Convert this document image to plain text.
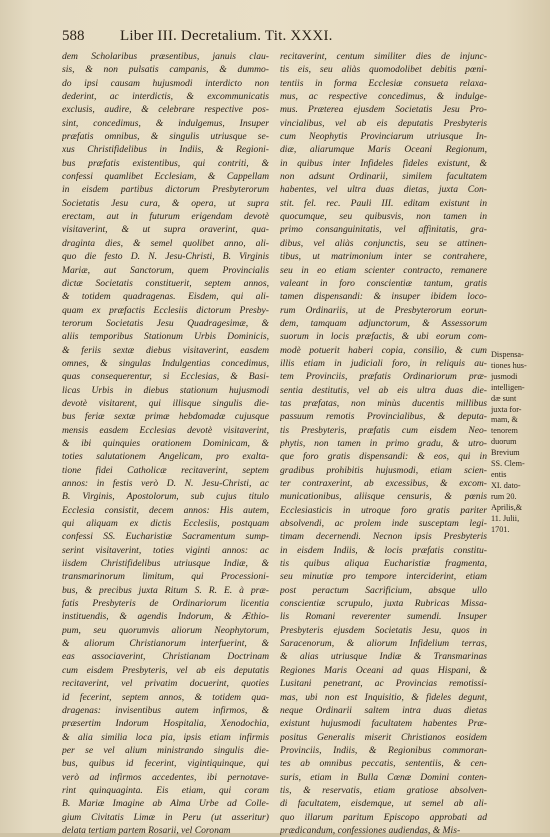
588 Liber III. Decretalium. Tit. XXXI.
dem Scholaribus præsentibus, januis clau-
sis, & non pulsatis campanis, & dummo-
do ipsi causam hujusmodi interdicto non
dederint, ac interdictis, & excommunicatis
exclusis, audire, & celebrare respective pos-
sint, concedimus, & indulgemus, Insuper
præfatis omnibus, & singulis utriusque se-
xus Christifidelibus in Indiis, & Regioni-
bus præfatis existentibus, qui contriti, &
confessi quamlibet Ecclesiam, & Cappellam
in eisdem partibus dictorum Presbyterorum
Societatis Jesu cura, & opera, ut supra
erectam, aut in futurum erigendam devotè
visitaverint, & ut supra oraverint, qua-
draginta dies, & semel quolibet anno, ali-
quo die festo D. N. Jesu-Christi, B. Virginis
Mariæ, aut Sanctorum, quem Provincialis
dictæ Societatis constituerit, septem annos,
& totidem quadragenas. Eisdem, qui ali-
quam ex præfactis Ecclesiis dictorum Presby-
terorum Societatis Jesu Quadragesimæ, &
aliis temporibus Stationum Urbis Dominicis,
& feriis sextæ diebus visitaverint, easdem
omnes, & singulas Indulgentias concedimus,
quas consequerentur, si Ecclesias, & Basi-
licas Urbis in diebus stationum hujusmodi
devotè visitarent, qui illisque singulis die-
bus feriæ sextæ primæ hebdomadæ cujusque
mensis easdem Ecclesias devotè visitaverint,
& ibi quinquies orationem Dominicam, &
toties salutationem Angelicam, pro exalta-
tione fidei Catholicæ recitaverint, septem
annos: in festis verò D. N. Jesu-Christi, ac
B. Virginis, Apostolorum, sub cujus titulo
Ecclesia consistit, decem annos: His autem,
qui aliquam ex dictis Ecclesiis, postquam
confessi SS. Eucharistiæ Sacramentum sump-
serint visitaverint, toties viginti annos: ac
iisdem Christifidelibus utriusque Indiæ, &
transmarinorum limitum, qui Processioni-
bus, & precibus juxta Ritum S. R. E. à præ-
fatis Presbyteris de Ordinariorum licentia
instituendis, & agendis Indorum, & Æthio-
pum, seu quorumvis aliorum Neophytorum,
& aliorum Christianorum interfuerint, &
eas associaverint, Christianam Doctrinam
cum eisdem Presbyteris, vel ab eis deputatis
recitaverint, vel privatim docuerint, quoties
id fecerint, septem annos, & totidem qua-
dragenas: invisentibus autem infirmos, &
præsertim Indorum Hospitalia, Xenodochia,
& alia similia loca pia, ipsis etiam infirmis
per se vel alium ministrando singulis die-
bus, quibus id fecerint, vigintiquinque, qui
verò ad infirmos accedentes, ibi pernotave-
rint quinquaginta. Eis etiam, qui coram
B. Mariæ Imagine ab Alma Urbe ad Colle-
gium Civitatis Limæ in Peru (ut asseritur)
delata tertiam partem Rosarii, vel Coronam
recitaverint, centum similiter dies de injunc-
tis eis, seu aliàs quomodolibet debitis pœni-
tentiis in forma Ecclesiæ consueta relaxa-
mus, ac respective concedimus, & indulge-
mus. Præterea ejusdem Societatis Jesu Pro-
vincialibus, vel ab eis deputatis Presbyteris
cum Neophytis Provinciarum utriusque In-
diæ, aliarumque Maris Oceani Regionum,
in quibus inter Infideles fideles existunt, &
non adsunt Ordinarii, similem facultatem
habentes, vel ultra duas dietas, juxta Con-
stit. fel. rec. Pauli III. editam existunt in
quocumque, seu quibusvis, non tamen in
primo consanguinitatis, vel affinitatis, gra-
dibus, vel aliàs conjunctis, seu se attinen-
tibus, ut matrimonium inter se contrahere,
seu in eo etiam scienter contracto, remanere
valeant in foro conscientiæ tantum, gratis
tamen dispensandi: & insuper ibidem loco-
rum Ordinariis, ut de Presbyterorum eorun-
dem, tamquam adjunctorum, & Assessorum
suorum in locis præfactis, & ubi eorum com-
modè potuerit haberi copia, consilio, & cum
illis etiam in judiciali foro, in reliquis au-
tem Provinciis, præfatis Ordinariorum præ-
sentia destitutis, vel ab eis ultra duas die-
tas præfatas, non minùs ducentis millibus
passuum remotis Provincialibus, & deputa-
tis Presbyteris, præfatis cum eisdem Neo-
phytis, non tamen in primo gradu, & utro-
que foro gratis dispensandi: & eos, qui in
gradibus prohibitis hujusmodi, etiam scien-
ter contraxerint, ab excessibus, & excom-
municationibus, aliisque censuris, & pœnis
Ecclesiasticis in utroque foro gratis pariter
absolvendi, ac prolem inde susceptam legi-
timam decernendi. Necnon ipsis Presbyteris
in eisdem Indiis, & locis præfatis constitu-
tis quibus aliqua Eucharistiæ fragmenta,
seu minutiæ pro tempore interciderint, etiam
post peractum Sacrificium, absque ullo
conscientiæ scrupulo, juxta Rubricas Missa-
lis Romani reverenter sumendi. Insuper
Presbyteris ejusdem Societatis Jesu, quos in
Saracenorum, & aliorum Infidelium terras,
& alias utriusque Indiæ & Transmarinas
Regiones Maris Oceani ad quas Hispani, &
Lusitani penetrant, ac Provincias remotissi-
mas, ubi non est Inquisitio, & fideles degunt,
neque Ordinarii saltem intra duas dietas
existunt hujusmodi facultatem habentes Præ-
positus Generalis miserit Christianos eosidem
Provinciis, Indiis, & Regionibus commoran-
tes ab omnibus peccatis, sententiis, & cen-
suris, etiam in Bulla Cœnæ Domini conten-
tis, & reservatis, etiam gratiose absolven-
di facultatem, eisdemque, ut semel ab ali-
quo illarum paritum Episcopo approbati ad
prædicandum, confessiones audiendas, & Mis-
Dispensa-
tiones hus-
jusmodi
intelligen-
dæ sunt
juxta for-
mam, &
tenorem
duorum
Brevium
SS. Clem-
entis
XI. dato-
rum 20.
Aprilis,&
11. Julii,
1701.
